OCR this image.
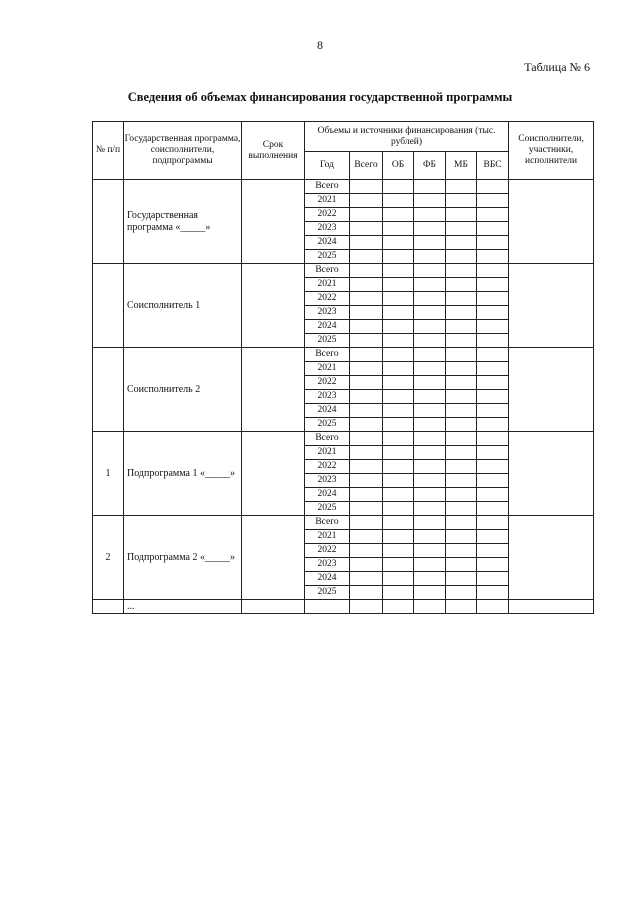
8
Таблица № 6
Сведения об объемах финансирования государственной программы
№ п/п	Государственная программа, соисполнители, подпрограммы	Срок выполнения	Объемы и источники финансирования (тыс. рублей)						Соисполнители, участники, исполнители
			Год	Всего	ОБ	ФБ	МБ	ВБС	
	Государственная программа «_____»		Всего						
			2021						
			2022						
			2023						
			2024						
			2025						
	Соисполнитель 1		Всего						
			2021						
			2022						
			2023						
			2024						
			2025						
	Соисполнитель 2		Всего						
			2021						
			2022						
			2023						
			2024						
			2025						
1	Подпрограмма 1 «_____»		Всего						
			2021						
			2022						
			2023						
			2024						
			2025						
2	Подпрограмма 2 «_____»		Всего						
			2021						
			2022						
			2023						
			2024						
			2025						
	...								
